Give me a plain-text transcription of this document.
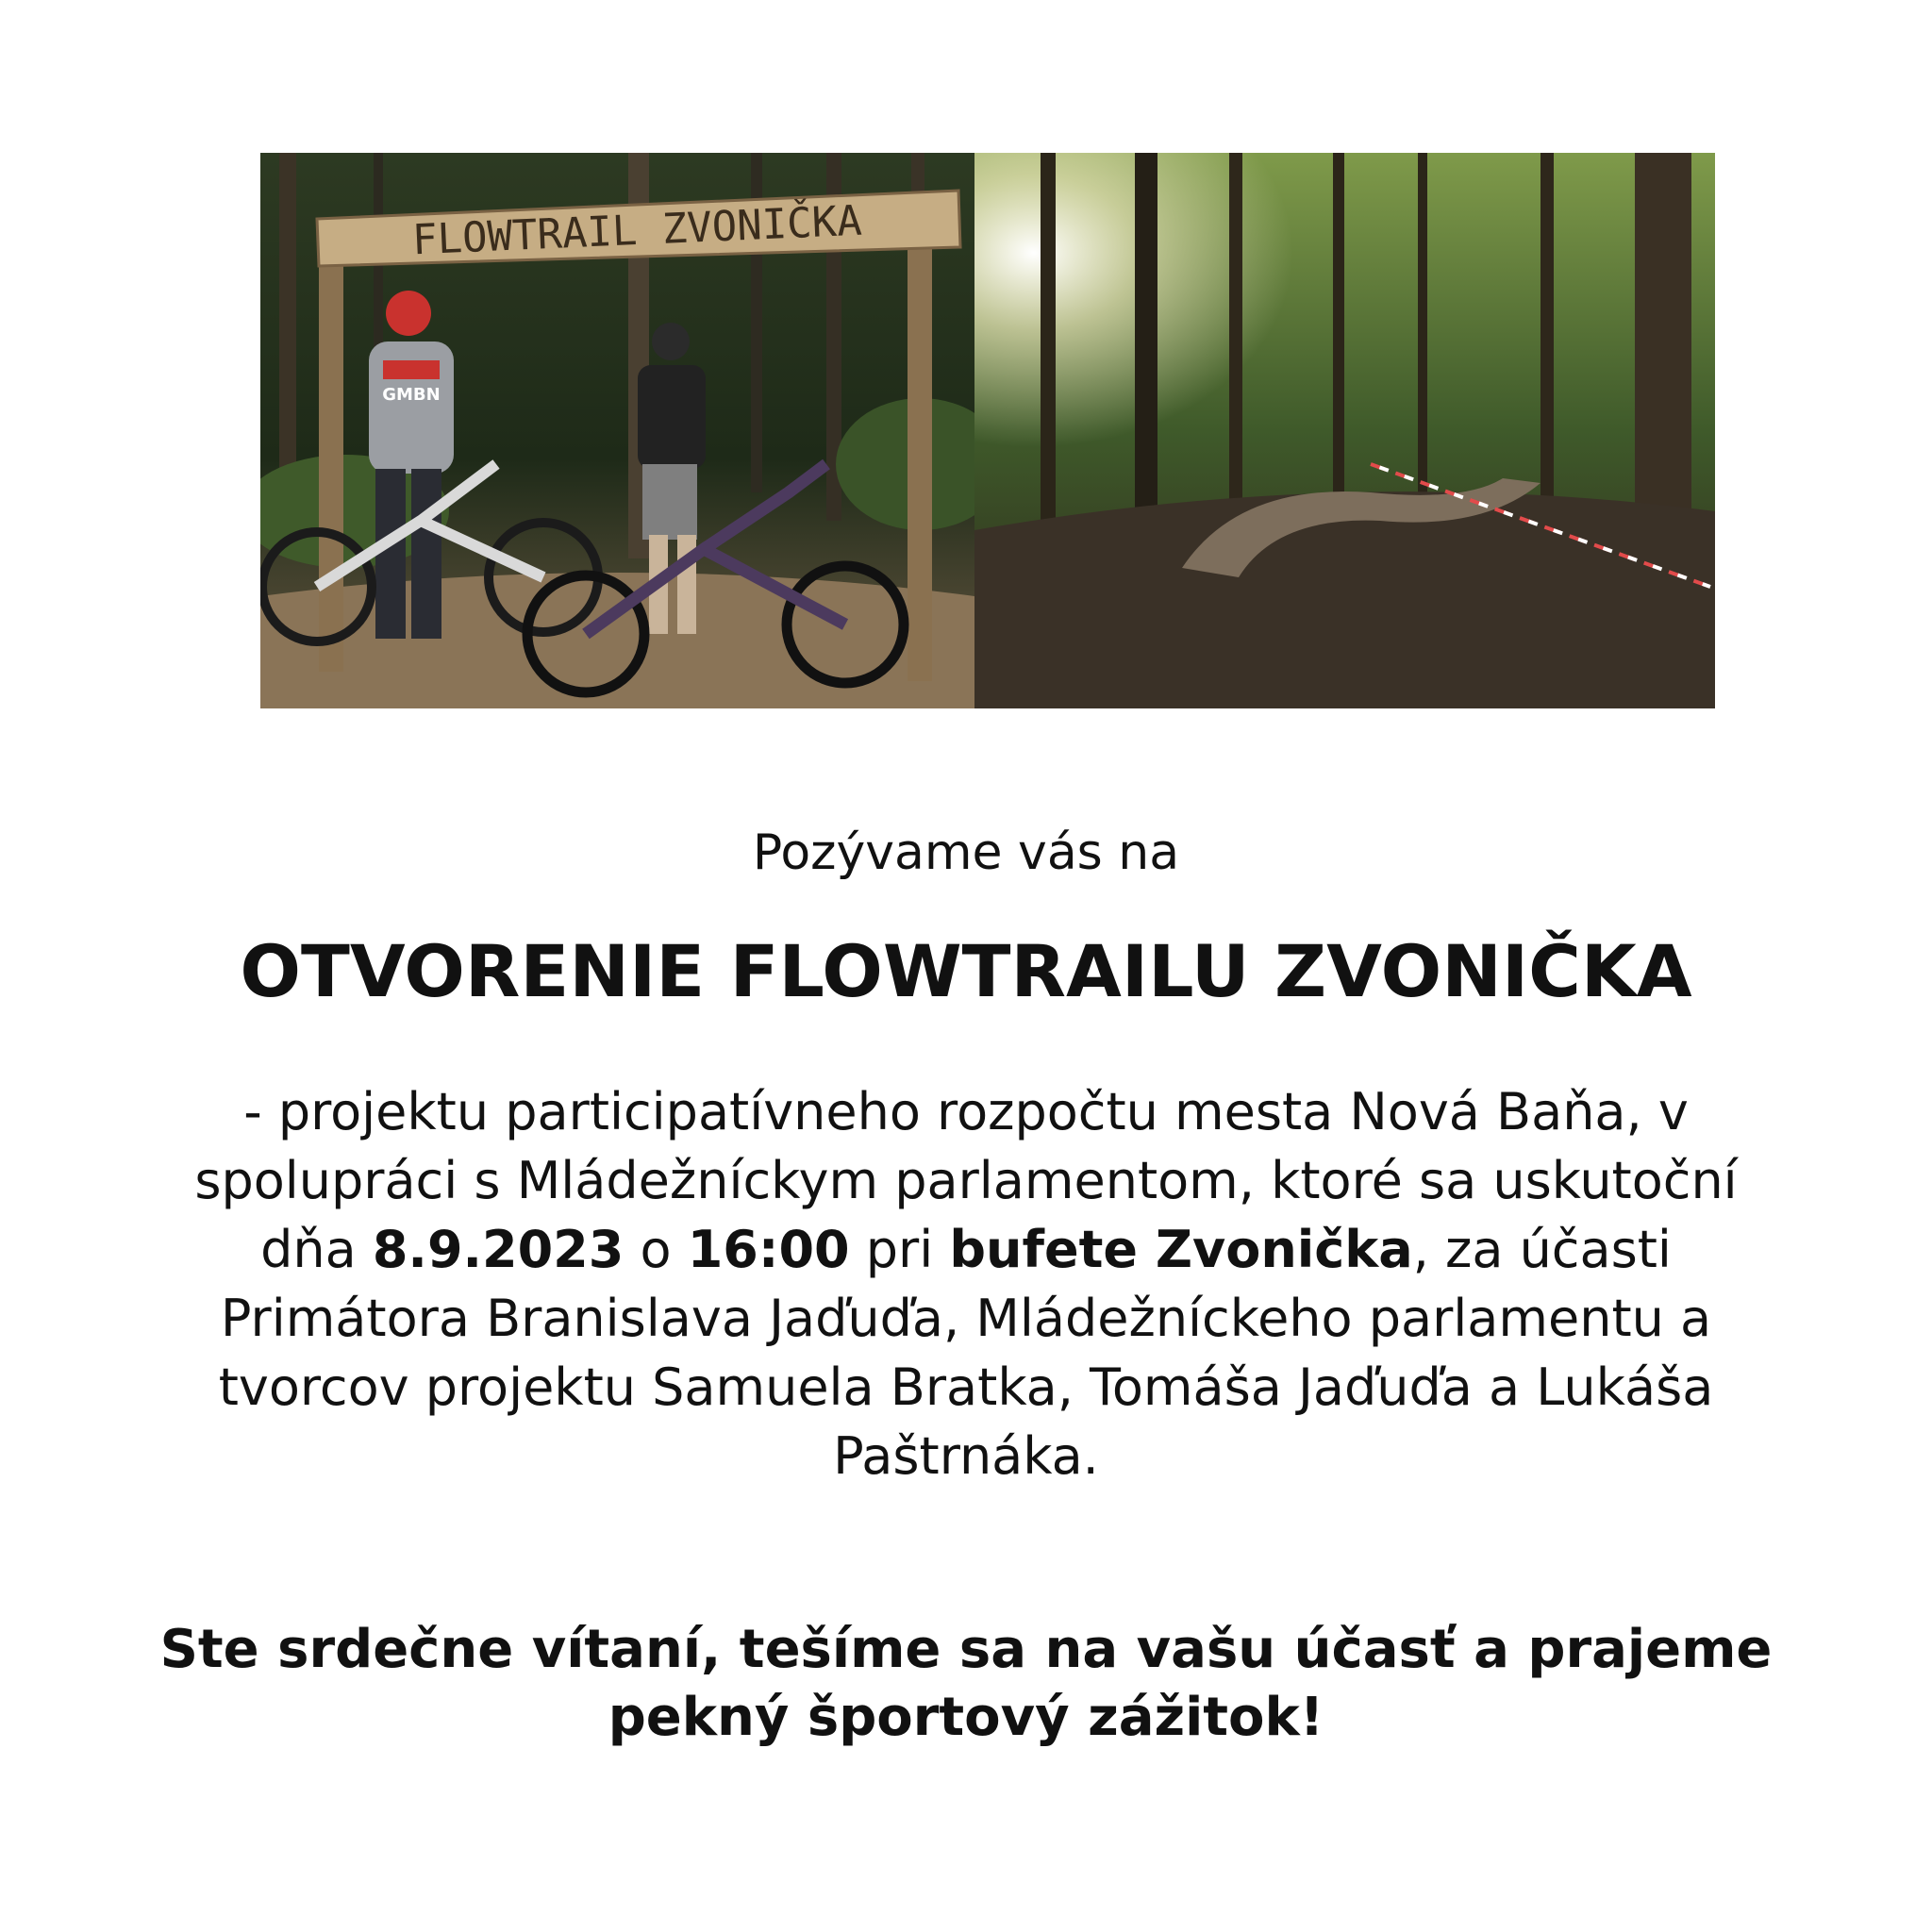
FLOWTRAIL ZVONIČKA
GMBN

Pozývame vás na

OTVORENIE FLOWTRAILU ZVONIČKA

- projektu participatívneho rozpočtu mesta Nová Baňa, v spolupráci s Mládežníckym parlamentom, ktoré sa uskutoční dňa 8.9.2023 o 16:00 pri bufete Zvonička, za účasti Primátora Branislava Jaďuďa, Mládežníckeho parlamentu a tvorcov projektu Samuela Bratka, Tomáša Jaďuďa a Lukáša Paštrnáka.

Ste srdečne vítaní, tešíme sa na vašu účasť a prajeme pekný športový zážitok!
